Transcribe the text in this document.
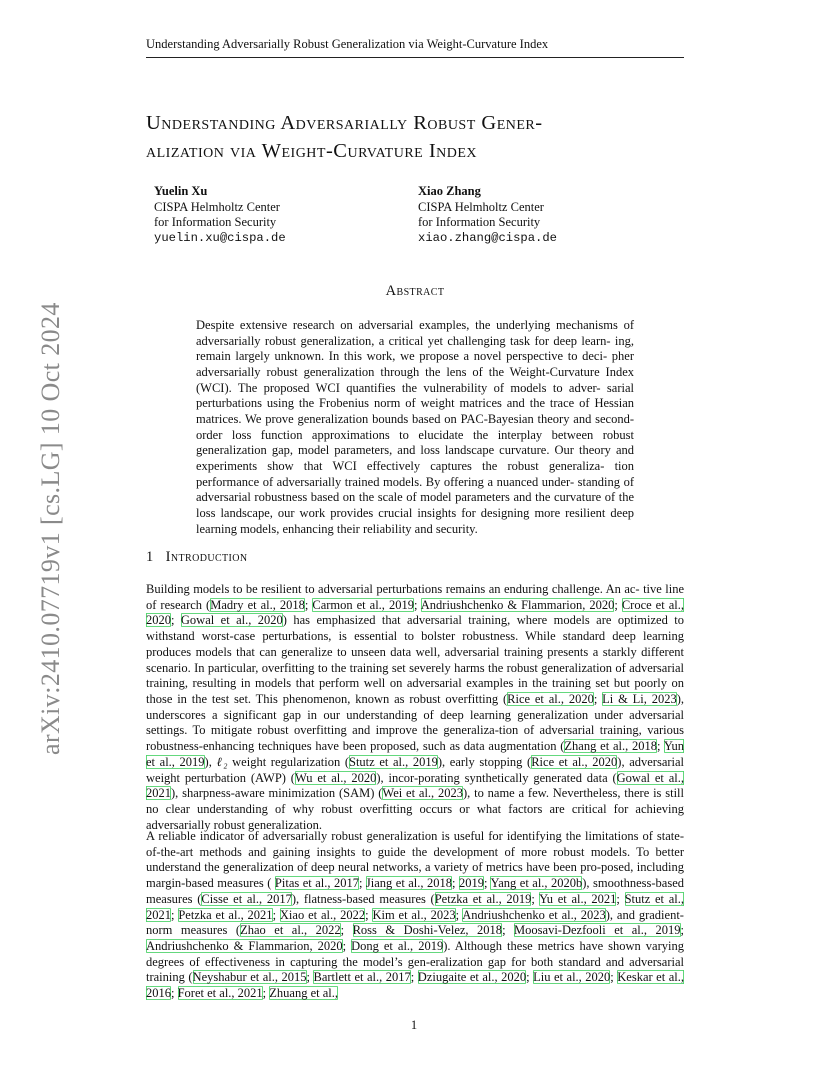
Understanding Adversarially Robust Generalization via Weight-Curvature Index
arXiv:2410.07719v1 [cs.LG] 10 Oct 2024
Understanding Adversarially Robust Gener-
alization via Weight-Curvature Index
Yuelin Xu
CISPA Helmholtz Center
for Information Security
yuelin.xu@cispa.de
Xiao Zhang
CISPA Helmholtz Center
for Information Security
xiao.zhang@cispa.de
Abstract

Despite extensive research on adversarial examples, the underlying mechanisms of adversarially robust generalization, a critical yet challenging task for deep learn- ing, remain largely unknown. In this work, we propose a novel perspective to deci- pher adversarially robust generalization through the lens of the Weight-Curvature Index (WCI). The proposed WCI quantifies the vulnerability of models to adver- sarial perturbations using the Frobenius norm of weight matrices and the trace of Hessian matrices. We prove generalization bounds based on PAC-Bayesian theory and second-order loss function approximations to elucidate the interplay between robust generalization gap, model parameters, and loss landscape curvature. Our theory and experiments show that WCI effectively captures the robust generaliza- tion performance of adversarially trained models. By offering a nuanced under- standing of adversarial robustness based on the scale of model parameters and the curvature of the loss landscape, our work provides crucial insights for designing more resilient deep learning models, enhancing their reliability and security.

1 Introduction

Building models to be resilient to adversarial perturbations remains an enduring challenge. An ac- tive line of research (Madry et al., 2018; Carmon et al., 2019; Andriushchenko & Flammarion, 2020; Croce et al., 2020; Gowal et al., 2020) has emphasized that adversarial training, where models are optimized to withstand worst-case perturbations, is essential to bolster robustness. While standard deep learning produces models that can generalize to unseen data well, adversarial training presents a starkly different scenario. In particular, overfitting to the training set severely harms the robust generalization of adversarial training, resulting in models that perform well on adversarial examples in the training set but poorly on those in the test set. This phenomenon, known as robust overfitting (Rice et al., 2020; Li & Li, 2023), underscores a significant gap in our understanding of deep learning generalization under adversarial settings. To mitigate robust overfitting and improve the generaliza-tion of adversarial training, various robustness-enhancing techniques have been proposed, such as data augmentation (Zhang et al., 2018; Yun et al., 2019), ℓ₂ weight regularization (Stutz et al., 2019), early stopping (Rice et al., 2020), adversarial weight perturbation (AWP) (Wu et al., 2020), incor-porating synthetically generated data (Gowal et al., 2021), sharpness-aware minimization (SAM) (Wei et al., 2023), to name a few. Nevertheless, there is still no clear understanding of why robust overfitting occurs or what factors are critical for achieving adversarially robust generalization.

A reliable indicator of adversarially robust generalization is useful for identifying the limitations of state-of-the-art methods and gaining insights to guide the development of more robust models. To better understand the generalization of deep neural networks, a variety of metrics have been pro-posed, including margin-based measures ( Pitas et al., 2017; Jiang et al., 2018; 2019; Yang et al., 2020b), smoothness-based measures (Cisse et al., 2017), flatness-based measures (Petzka et al., 2019; Yu et al., 2021; Stutz et al., 2021; Petzka et al., 2021; Xiao et al., 2022; Kim et al., 2023; Andriushchenko et al., 2023), and gradient-norm measures (Zhao et al., 2022; Ross & Doshi-Velez, 2018; Moosavi-Dezfooli et al., 2019; Andriushchenko & Flammarion, 2020; Dong et al., 2019). Although these metrics have shown varying degrees of effectiveness in capturing the model’s gen-eralization gap for both standard and adversarial training (Neyshabur et al., 2015; Bartlett et al., 2017; Dziugaite et al., 2020; Liu et al., 2020; Keskar et al., 2016; Foret et al., 2021; Zhuang et al.,

1
